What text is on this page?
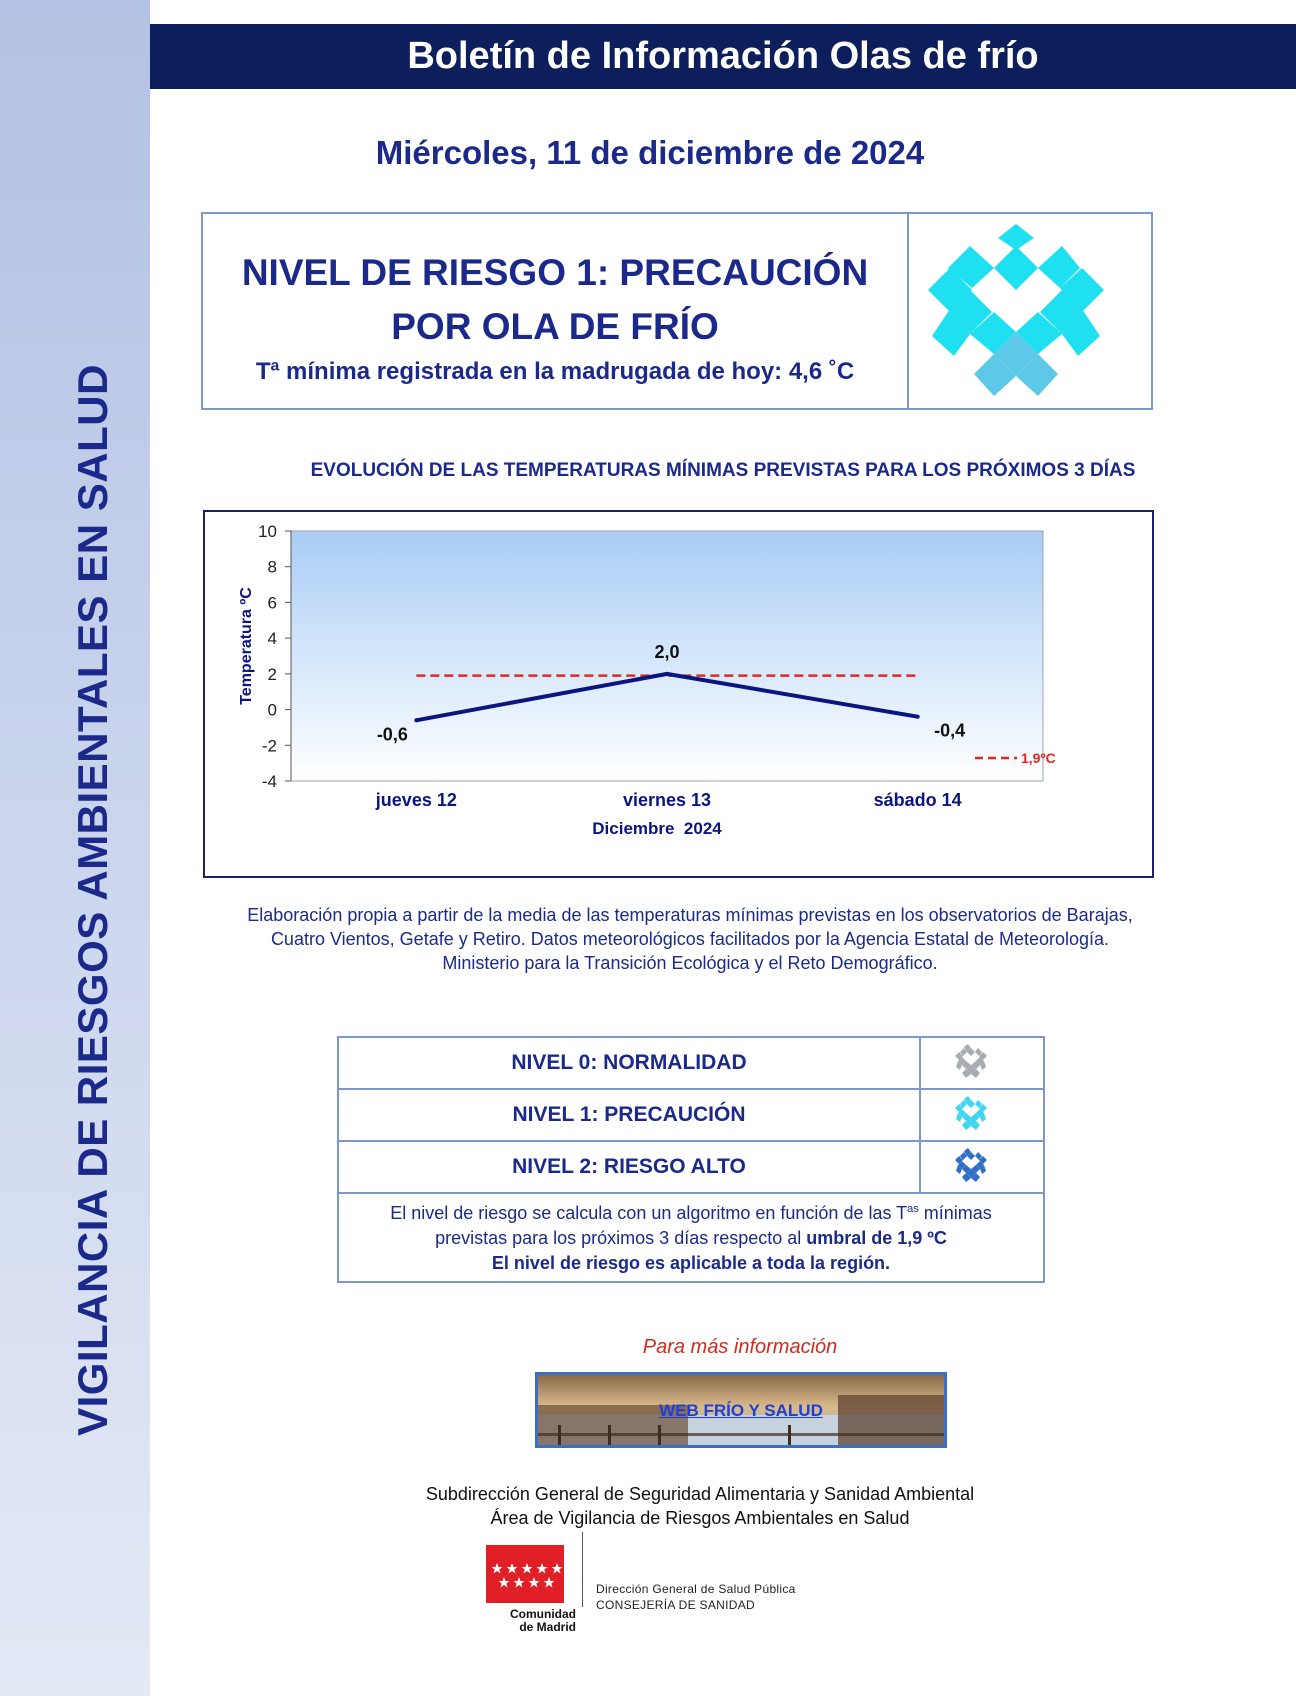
VIGILANCIA DE RIESGOS AMBIENTALES EN SALUD
Boletín de Información Olas de frío
Miércoles, 11 de diciembre de 2024
NIVEL DE RIESGO 1: PRECAUCIÓN
POR OLA DE FRÍO
Tª mínima registrada en la madrugada de hoy: 4,6 ˚C
EVOLUCIÓN DE LAS TEMPERATURAS MÍNIMAS PREVISTAS PARA LOS PRÓXIMOS 3 DÍAS
10
8
6
4
2
0
-2
-4
-0,6
2,0
-0,4
jueves 12	viernes 13	sábado 14
Temperatura ºC
Diciembre  2024
1,9ºC
Elaboración propia a partir de la media de las temperaturas mínimas previstas en los observatorios de Barajas,
Cuatro Vientos, Getafe y Retiro. Datos meteorológicos facilitados por la Agencia Estatal de Meteorología.
Ministerio para la Transición Ecológica y el Reto Demográfico.
NIVEL 0: NORMALIDAD
NIVEL 1: PRECAUCIÓN
NIVEL 2: RIESGO ALTO
El nivel de riesgo se calcula con un algoritmo en función de las $T^{as}$ mínimas
previstas para los próximos 3 días respecto al umbral de 1,9 ºC
El nivel de riesgo es aplicable a toda la región.
Para más información
WEB FRÍO Y SALUD
Subdirección General de Seguridad Alimentaria y Sanidad Ambiental
Área de Vigilancia de Riesgos Ambientales en Salud
Comunidad
de Madrid
Dirección General de Salud Pública
CONSEJERÍA DE SANIDAD
